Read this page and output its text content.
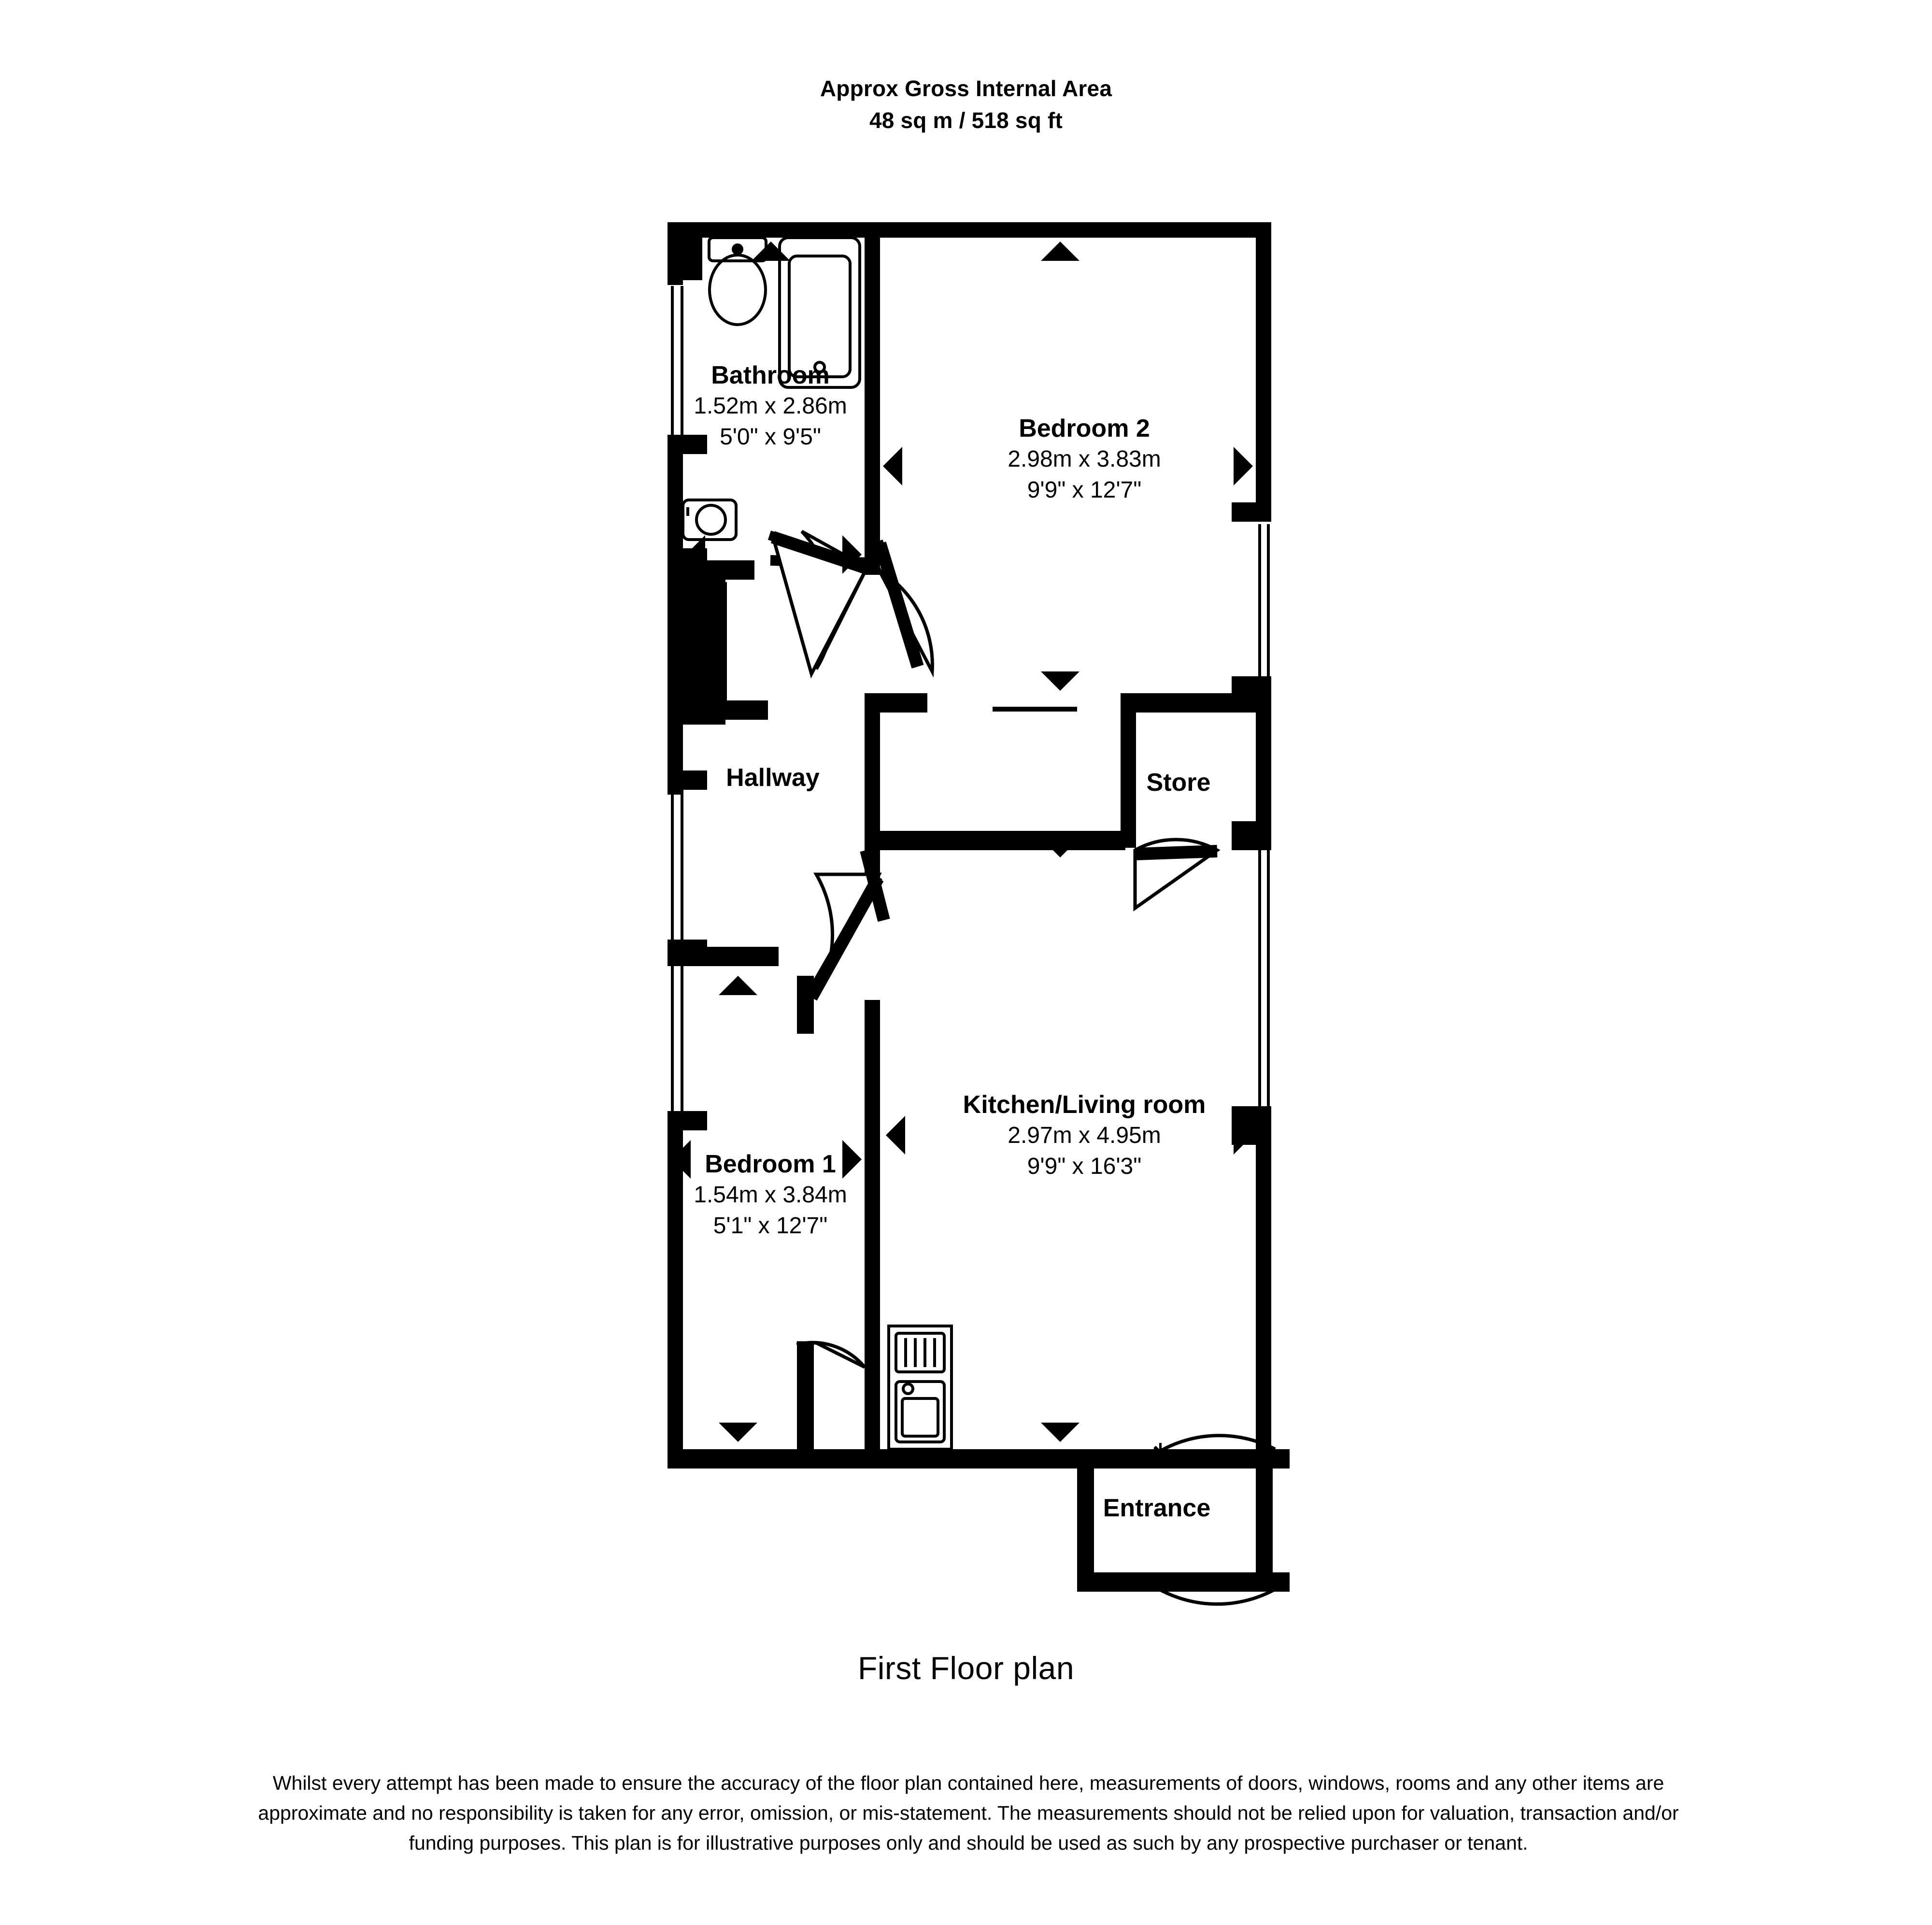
Approx Gross Internal Area
48 sq m / 518 sq ft
Bathroom
1.52m x 2.86m
5'0" x 9'5"	Bedroom 2
2.98m x 3.83m
9'9" x 12'7"
Hallway	Store
Kitchen/Living room
2.97m x 4.95m
9'9" x 16'3"
Bedroom 1
1.54m x 3.84m
5'1" x 12'7"
Entrance
First Floor plan
Whilst every attempt has been made to ensure the accuracy of the floor plan contained here, measurements of doors, windows, rooms and any other items are approximate and no responsibility is taken for any error, omission, or mis-statement. The measurements should not be relied upon for valuation, transaction and/or funding purposes. This plan is for illustrative purposes only and should be used as such by any prospective purchaser or tenant.
